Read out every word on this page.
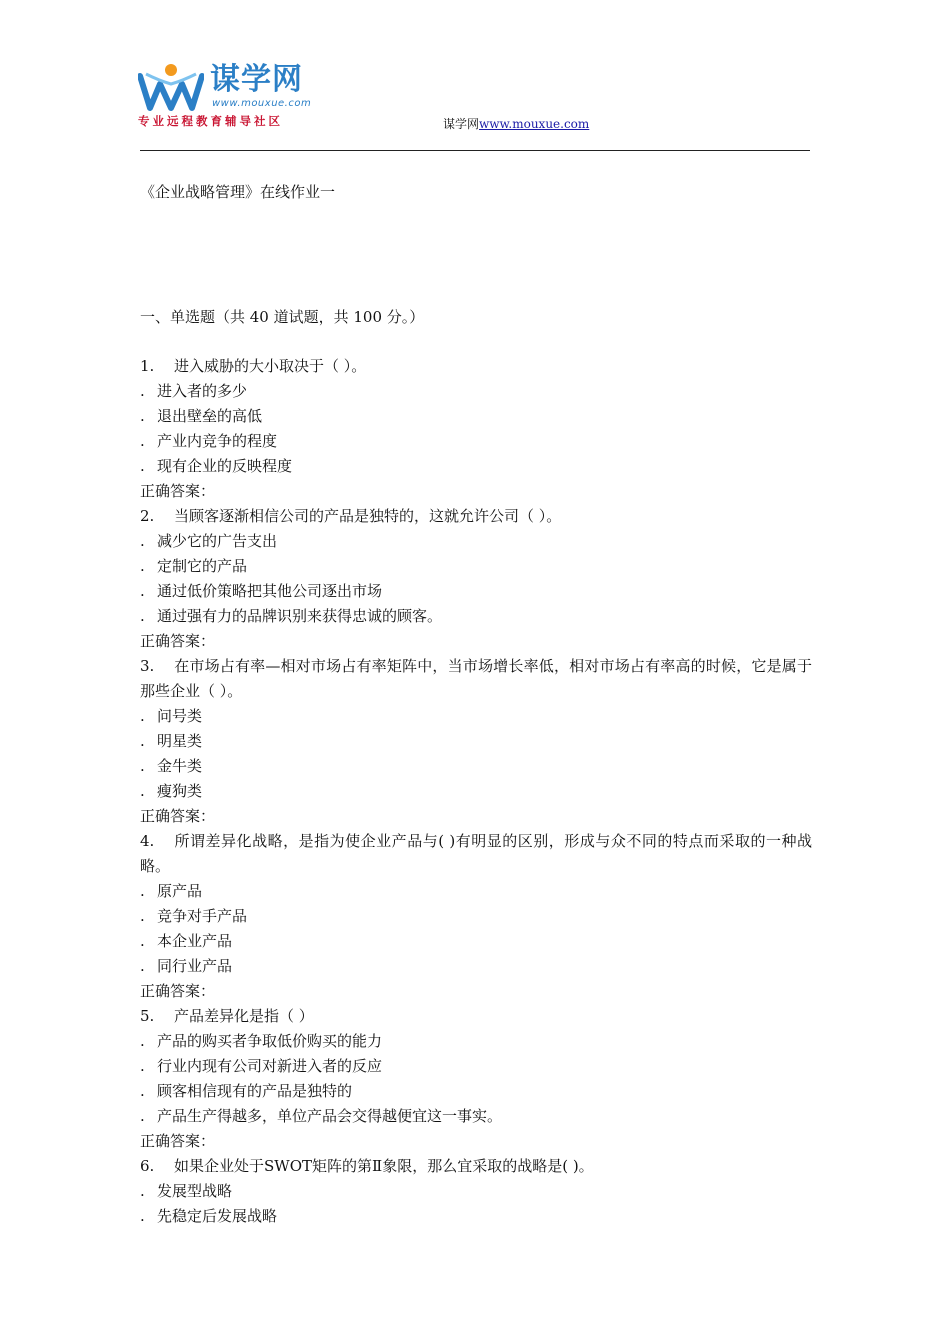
谋学网
www.mouxue.com
专业远程教育辅导社区	谋学网www.mouxue.com
《企业战略管理》在线作业一
一、单选题（共 40 道试题，共 100 分。）
1. 进入威胁的大小取决于（ ）。
. 进入者的多少
. 退出壁垒的高低
. 产业内竞争的程度
. 现有企业的反映程度
正确答案：
2. 当顾客逐渐相信公司的产品是独特的，这就允许公司（ ）。
. 减少它的广告支出
. 定制它的产品
. 通过低价策略把其他公司逐出市场
. 通过强有力的品牌识别来获得忠诚的顾客。
正确答案：
3. 在市场占有率—相对市场占有率矩阵中，当市场增长率低，相对市场占有率高的时候，它是属于那些企业（ ）。
. 问号类
. 明星类
. 金牛类
. 瘦狗类
正确答案：
4. 所谓差异化战略，是指为使企业产品与( )有明显的区别，形成与众不同的特点而采取的一种战略。
. 原产品
. 竞争对手产品
. 本企业产品
. 同行业产品
正确答案：
5. 产品差异化是指（ ）
. 产品的购买者争取低价购买的能力
. 行业内现有公司对新进入者的反应
. 顾客相信现有的产品是独特的
. 产品生产得越多，单位产品会交得越便宜这一事实。
正确答案：
6. 如果企业处于SWOT矩阵的第Ⅱ象限，那么宜采取的战略是( )。
. 发展型战略
. 先稳定后发展战略
